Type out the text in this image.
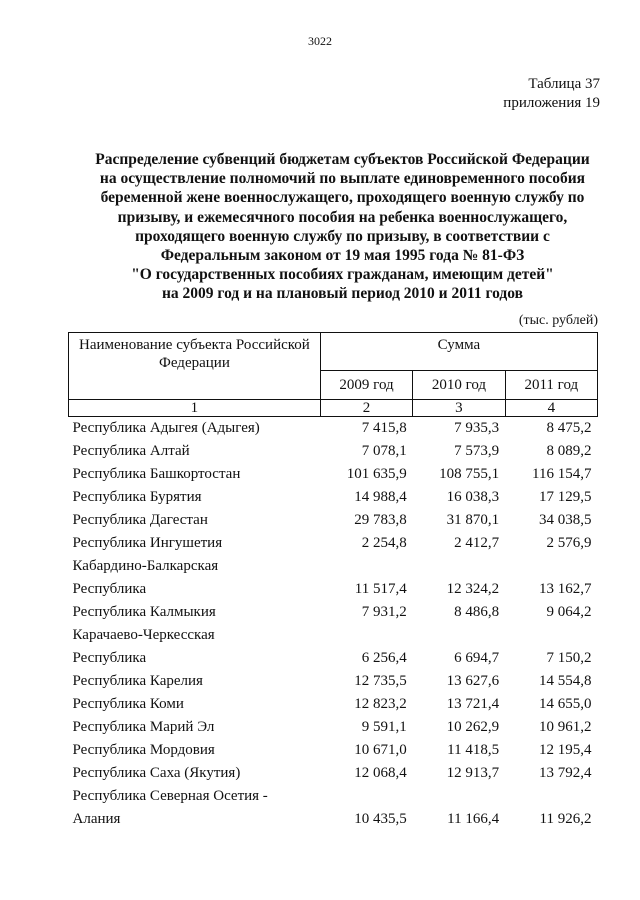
3022
Таблица 37
приложения 19
Распределение субвенций бюджетам субъектов Российской Федерации
на осуществление полномочий по выплате единовременного пособия
беременной жене военнослужащего, проходящего военную службу по
призыву, и ежемесячного пособия на ребенка военнослужащего,
проходящего военную службу по призыву, в соответствии с
Федеральным законом от 19 мая 1995 года № 81-ФЗ
"О государственных пособиях гражданам, имеющим детей"
на 2009 год и на плановый период 2010 и 2011 годов
(тыс. рублей)
Наименование субъекта Российской Федерации	Сумма		
	2009 год	2010 год	2011 год
1	2	3	4
Республика Адыгея (Адыгея)	7 415,8	7 935,3	8 475,2
Республика Алтай	7 078,1	7 573,9	8 089,2
Республика Башкортостан	101 635,9	108 755,1	116 154,7
Республика Бурятия	14 988,4	16 038,3	17 129,5
Республика Дагестан	29 783,8	31 870,1	34 038,5
Республика Ингушетия	2 254,8	2 412,7	2 576,9
Кабардино-Балкарская			
Республика	11 517,4	12 324,2	13 162,7
Республика Калмыкия	7 931,2	8 486,8	9 064,2
Карачаево-Черкесская			
Республика	6 256,4	6 694,7	7 150,2
Республика Карелия	12 735,5	13 627,6	14 554,8
Республика Коми	12 823,2	13 721,4	14 655,0
Республика Марий Эл	9 591,1	10 262,9	10 961,2
Республика Мордовия	10 671,0	11 418,5	12 195,4
Республика Саха (Якутия)	12 068,4	12 913,7	13 792,4
Республика Северная Осетия -			
Алания	10 435,5	11 166,4	11 926,2
